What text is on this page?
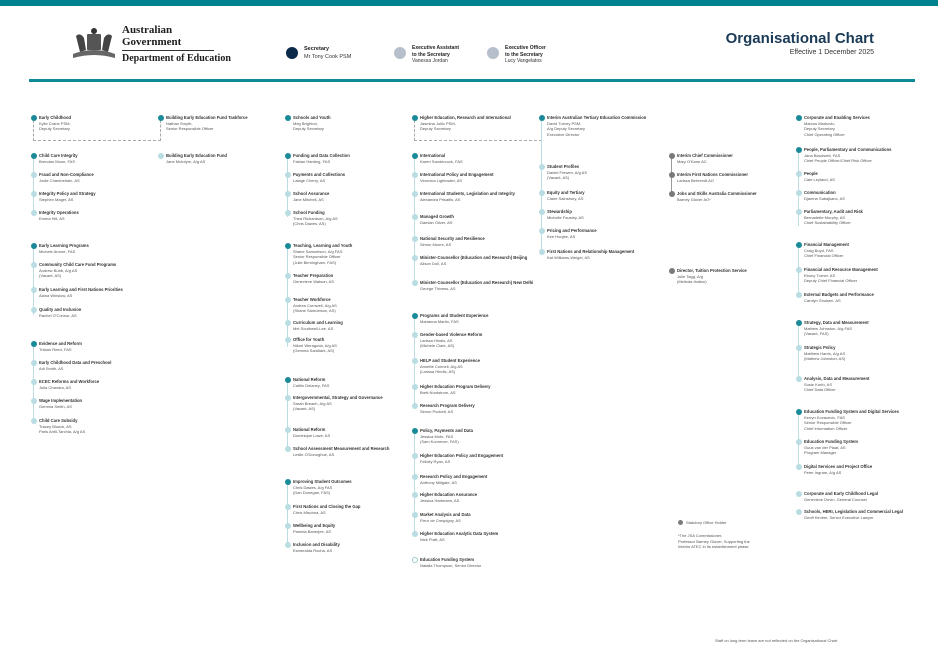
Australian Government
Department of Education
Secretary
Mr Tony Cook PSM
Executive Assistant
to the Secretary
Vanessa Jordan
Executive Officer
to the Secretary
Lucy Vangelatos
Organisational Chart
Effective 1 December 2025
Early Childhood
Kylie Crane PSM,
Deputy Secretary
Child Care Integrity
Brendan Moon, FAS
Fraud and Non-Compliance
Jodie Chamberlain, AS
Integrity Policy and Strategy
Stephen Mager, AS
Integrity Operations
Emma Hill, AS
Early Learning Programs
Michele Amore, FAS
Community Child Care Fund Programs
Andrew Bubb, A/g AS
(Vacant, AS)
Early Learning and First Nations Priorities
Alana Winslow, AS
Quality and Inclusion
Rachel O'Connor, AS
Evidence and Reform
Tristan Reed, FAS
Early Childhood Data and Preschool
Adi Smith, AS
ECEC Reforms and Workforce
Julia Chandra, AS
Wage Implementation
Gemma Smith, AS
Child Care Subsidy
Tracey Blunck, AS
Paris Antil-Tarchia, A/g AS
Building Early Education Fund Taskforce
Nathan Smyth,
Senior Responsible Officer
Building Early Education Fund
Jane McIntyre, A/g AS
Schools and Youth
Meg Brighton,
Deputy Secretary
Funding and Data Collection
Fabian Harding, FAS
Payments and Collections
Lalage Cherry, AS
School Assurance
Jane Mitchell, AS
School Funding
Thea Richardson, A/g AS
(Chris Dawes, AS)
Teaching, Learning and Youth
Shane Samuelson, A/g FAS
Senior Responsible Officer
(Julie Birmingham, FAS)
Teacher Preparation
Genevieve Watson, AS
Teacher Workforce
Andrea Cornwell, A/g AS
(Shane Samuelson, AS)
Curriculum and Learning
Mel Southwell-Lee, AS
Office for Youth
Nikori Weragoda, A/g AS
(Gemma Saddlark, AS)
National Reform
Caitlin Delaney, FAS
Intergovernmental, Strategy and Governance
Sarah Breach, A/g AS
(Vacant, AS)
National Reform
Dominique Lowe, AS
School Assessment Measurement and Research
Leslie O'Donoghue, AS
Improving Student Outcomes
Chris Dawes, A/g FAS
(Dan Donegan, FAS)
First Nations and Closing the Gap
Chris Mischna, AS
Wellbeing and Equity
Pamela Banerjee, AS
Inclusion and Disability
Esmeralda Rocha, AS
Higher Education, Research and International
Jasmina Jollic PSM,
Deputy Secretary
International
Karen Sandercock, FAS
International Policy and Engagement
Veronica Lightowler, AS
International Students, Legislation and Integrity
Alexandra Prisaitis, AS
Managed Growth
Damian Oliver, AS
National Security and Resilience
Simon Moore, AS
Minister-Counsellor (Education and Research) Beijing
Alison Doll, AS
Minister-Counsellor (Education and Research) New Delhi
George Thivess, AS
Programs and Student Experience
Marianna Martin, FAS
Gender-based Violence Reform
Larissa Hindis, AS
(Michele Clark, AS)
HELP and Student Experience
Annette Connell, A/g AS
(Larissa Hindis, AS)
Higher Education Program Delivery
Brett Nordstrom, AS
Research Program Delivery
Simon Puckett, AS
Policy, Payments and Data
Jessica Mohr, FAS
(Sam Konnever, FAS)
Higher Education Policy and Engagement
Felicity Ryan, AS
Research Policy and Engagement
Anthony Millgate, AS
Higher Education Assurance
Jessica Hartmann, AS
Market Analysis and Data
Fleur de Crespigny, AS
Higher Education Analytic Data System
Nick Pratt, AS
Education Funding System
Natalia Thompson, Senior Director
Interim Australian Tertiary Education Commission
David Turvey PSM,
A/g Deputy Secretary
Executive Director
Student Profiles
Daniel Frewen, A/g AS
(Vacant, AS)
Equity and Tertiary
Claire Sainsbury, AS
Stewardship
Michelle Fausley, AS
Pricing and Performance
Kee Hoojee, AS
First Nations and Relationship Management
Kat Williams-Weigel, AS
Interim Chief Commissioner
Mary O'Kane AC
Interim First Nations Commissioner
Larissa Behrendt AO
Jobs and Skills Australia Commissioner
Barney Glover AO*
Director, Tuition Protection Service
Julie Tagg, A/g
(Melinda Hatton)
Corporate and Enabling Services
Marcus Markovic,
Deputy Secretary
Chief Operating Officer
People, Parliamentary and Communications
Jana Blackwell, FAS
Chief People Officer/Chief Risk Officer
People
Cate Leyland, AS
Communication
Djamna Sabajkaric, AS
Parliamentary, Audit and Risk
Bernadette Murphy, AS
Chief Sustainability Officer
Financial Management
Craig Boyd, FAS
Chief Financial Officer
Financial and Resource Management
Ebony Turner, AS
Deputy Chief Financial Officer
External Budgets and Performance
Carolyn Shulsen, AS
Strategy, Data and Measurement
Mathew Johnston, A/g FAS
(Vacant, FAS)
Strategic Policy
Matthew Harris, A/g AS
(Mathew Johnston, AS)
Analysis, Data and Measurement
Susie Kurth, AS
Chief Data Officer
Education Funding System and Digital Services
Kerryn Kovacevic, FAS
Senior Responsible Officer
Chief Information Officer
Education Funding System
Guus van der Plaat, AS
Program Manager
Digital Services and Project Office
Peter Ingram, A/g AS
Corporate and Early Childhood Legal
Genevieve Devin, General Counsel
Schools, HERI, Legislation and Commercial Legal
Geoff Kimber, Senior Executive Lawyer
Statutory Office Holder
*The JSA Commissioner,
Professor Barney Glover, Supporting the
Interim ATEC in its establishment phase
Staff on long term leave are not reflected on the Organisational Chart
